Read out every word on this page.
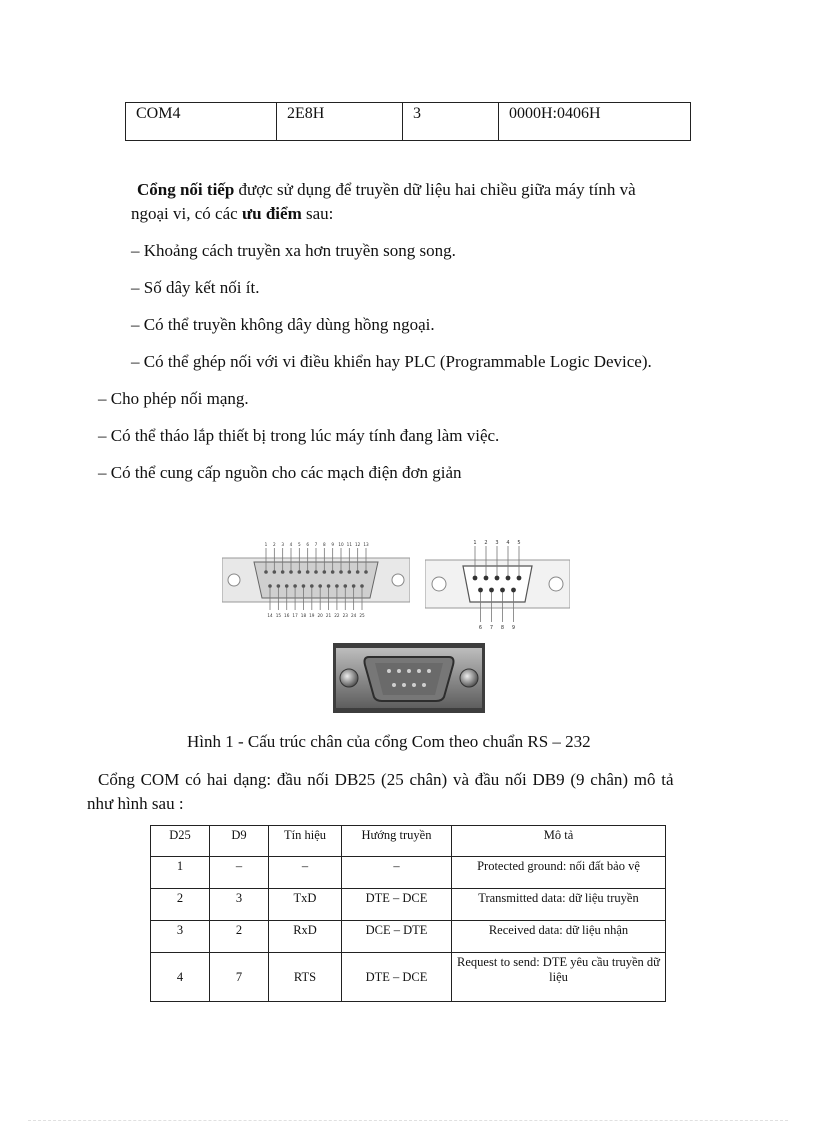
COM4	2E8H	3	0000H:0406H
Cổng nối tiếp được sử dụng để truyền dữ liệu hai chiều giữa máy tính và
ngoại vi, có các ưu điểm sau:
– Khoảng cách truyền xa hơn truyền song song.
– Số dây kết nối ít.
– Có thể truyền không dây dùng hồng ngoại.
– Có thể ghép nối với vi điều khiển hay PLC (Programmable Logic Device).
– Cho phép nối mạng.
– Có thể tháo lắp thiết bị trong lúc máy tính đang làm việc.
– Có thể cung cấp nguồn cho các mạch điện đơn giản
1 2 3 4 5 6 7 8 9 10 11 12 13
14 15 16 17 18 19 20 21 22 23 24 25
1 2 3 4 5
6 7 8 9
Hình 1 - Cấu trúc chân của cổng Com theo chuẩn RS – 232
Cổng COM có hai dạng: đầu nối DB25 (25 chân) và đầu nối DB9 (9 chân) mô tả
như hình sau :
D25	D9	Tín hiệu	Hướng truyền	Mô tả
1	–	–	–	Protected ground: nối đất bảo vệ
2	3	TxD	DTE – DCE	Transmitted data: dữ liệu truyền
3	2	RxD	DCE – DTE	Received data: dữ liệu nhận
4	7	RTS	DTE – DCE	Request to send: DTE yêu cầu truyền dữ liệu
